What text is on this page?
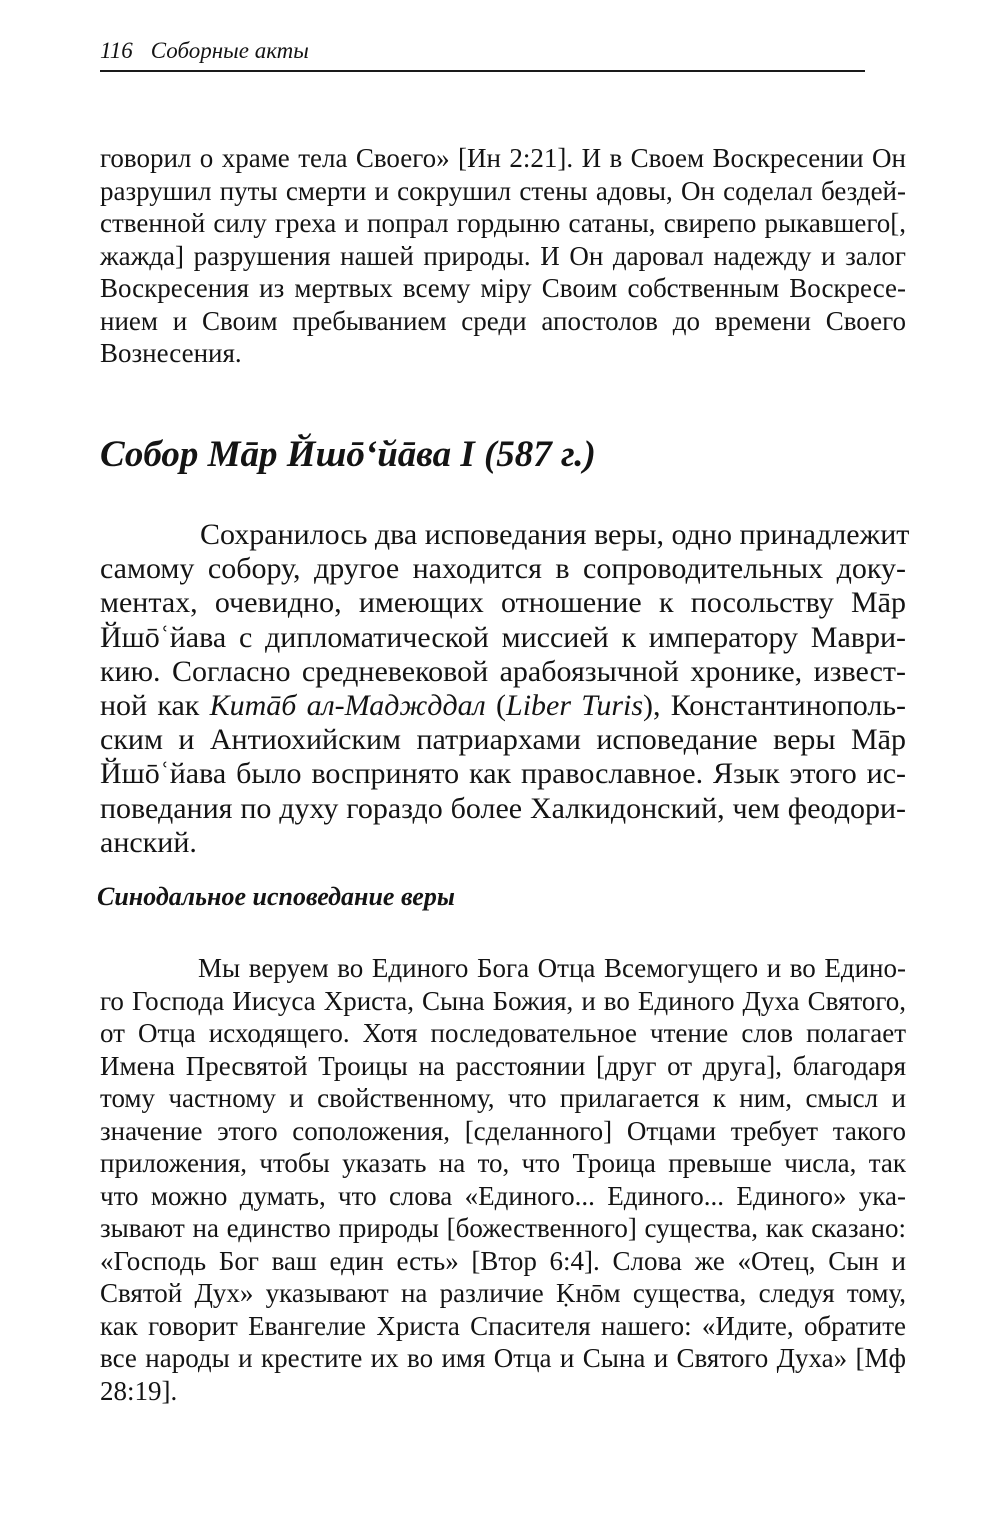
116 Соборные акты
говорил о храме тела Своего» [Ин 2:21]. И в Своем Воскресении Он
разрушил путы смерти и сокрушил стены адовы, Он соделал бездей-
ственной силу греха и попрал гордыню сатаны, свирепо рыкавшего[,
жажда] разрушения нашей природы. И Он даровал надежду и залог
Воскресения из мертвых всему міру Своим собственным Воскресе-
нием и Своим пребыванием среди апостолов до времени Своего
Вознесения.
Собор Мāр Йшō‘йāва I (587 г.)
Сохранилось два исповедания веры, одно принадлежит
самому собору, другое находится в сопроводительных доку-
ментах, очевидно, имеющих отношение к посольству Мāр
Йшōʿйава с дипломатической миссией к императору Маври-
кию. Согласно средневековой арабоязычной хронике, извест-
ной как Китāб ал-Маджддал (Liber Turis), Константинополь-
ским и Антиохийским патриархами исповедание веры Мāр
Йшōʿйава было воспринято как православное. Язык этого ис-
поведания по духу гораздо более Халкидонский, чем феодори-
анский.
Синодальное исповедание веры
Мы веруем во Единого Бога Отца Всемогущего и во Едино-
го Господа Иисуса Христа, Сына Божия, и во Единого Духа Святого,
от Отца исходящего. Хотя последовательное чтение слов полагает
Имена Пресвятой Троицы на расстоянии [друг от друга], благодаря
тому частному и свойственному, что прилагается к ним, смысл и
значение этого соположения, [сделанного] Отцами требует такого
приложения, чтобы указать на то, что Троица превыше числа, так
что можно думать, что слова «Единого... Единого... Единого» ука-
зывают на единство природы [божественного] существа, как сказано:
«Господь Бог ваш един есть» [Втор 6:4]. Слова же «Отец, Сын и
Святой Дух» указывают на различие Ḳнōм существа, следуя тому,
как говорит Евангелие Христа Спасителя нашего: «Идите, обратите
все народы и крестите их во имя Отца и Сына и Святого Духа» [Мф
28:19].
